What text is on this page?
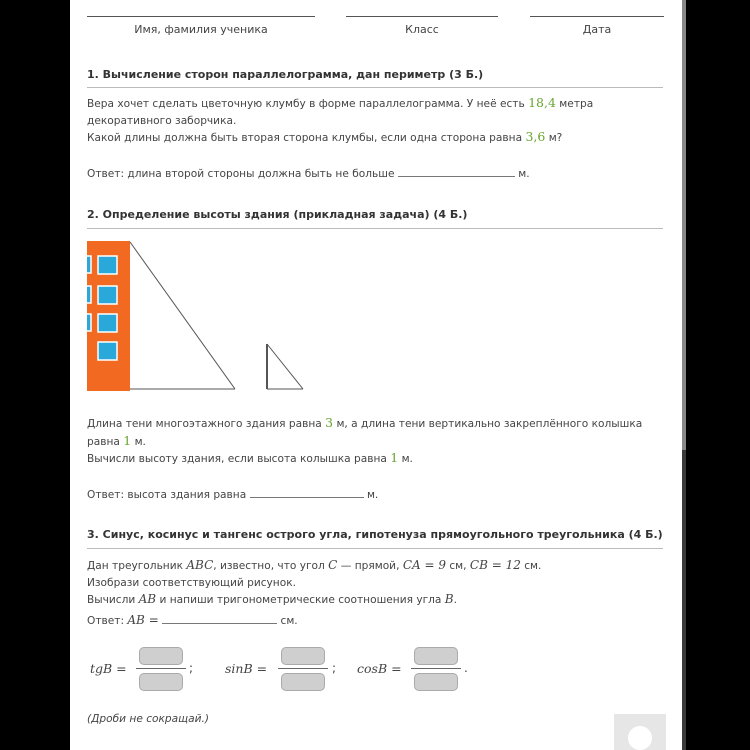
Имя, фамилия ученика	Класс	Дата
1. Вычисление сторон параллелограмма, дан периметр (3 Б.)
Вера хочет сделать цветочную клумбу в форме параллелограмма. У неё есть 18,4 метра
декоративного заборчика.
Какой длины должна быть вторая сторона клумбы, если одна сторона равна 3,6 м?
Ответ: длина второй стороны должна быть не больше	м.
2. Определение высоты здания (прикладная задача) (4 Б.)
Длина тени многоэтажного здания равна 3 м, а длина тени вертикально закреплённого колышка
равна 1 м.
Вычисли высоту здания, если высота колышка равна 1 м.
Ответ: высота здания равна	м.
3. Синус, косинус и тангенс острого угла, гипотенуза прямоугольного треугольника (4 Б.)
Дан треугольник ABC, известно, что угол C — прямой, CA = 9 см, CB = 12 см.
Изобрази соответствующий рисунок.
Вычисли AB и напиши тригонометрические соотношения угла B.
Ответ: AB =	см.
tgB =	;	sinB =	; cosB =	.
(Дроби не сокращай.)
